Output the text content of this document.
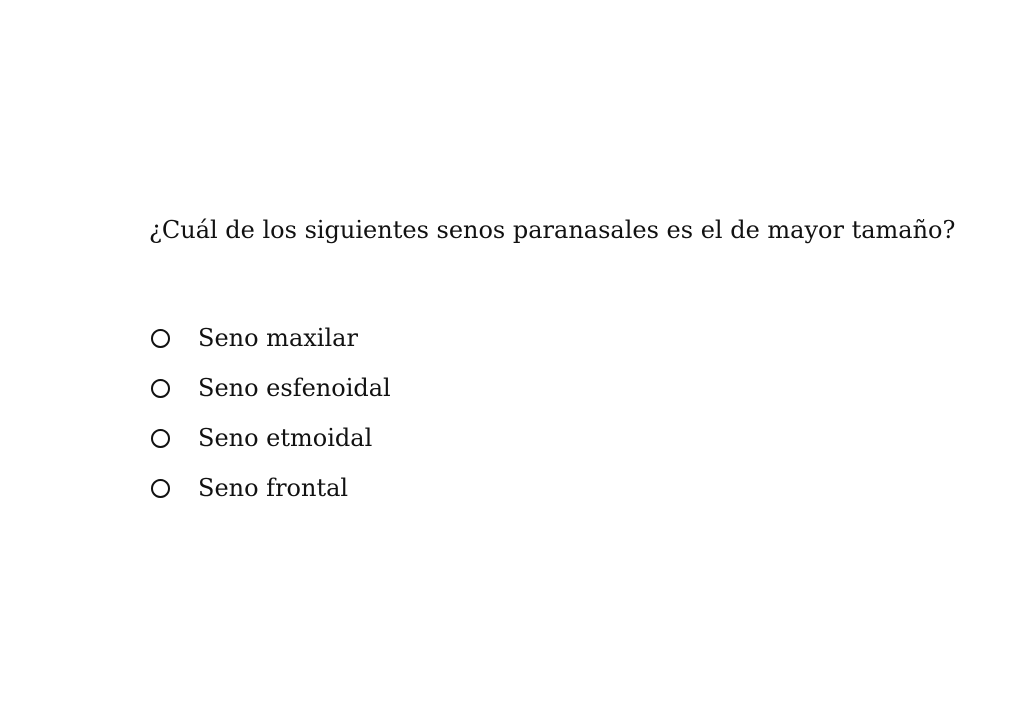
¿Cuál de los siguientes senos paranasales es el de mayor tamaño?
Seno maxilar
Seno esfenoidal
Seno etmoidal
Seno frontal
